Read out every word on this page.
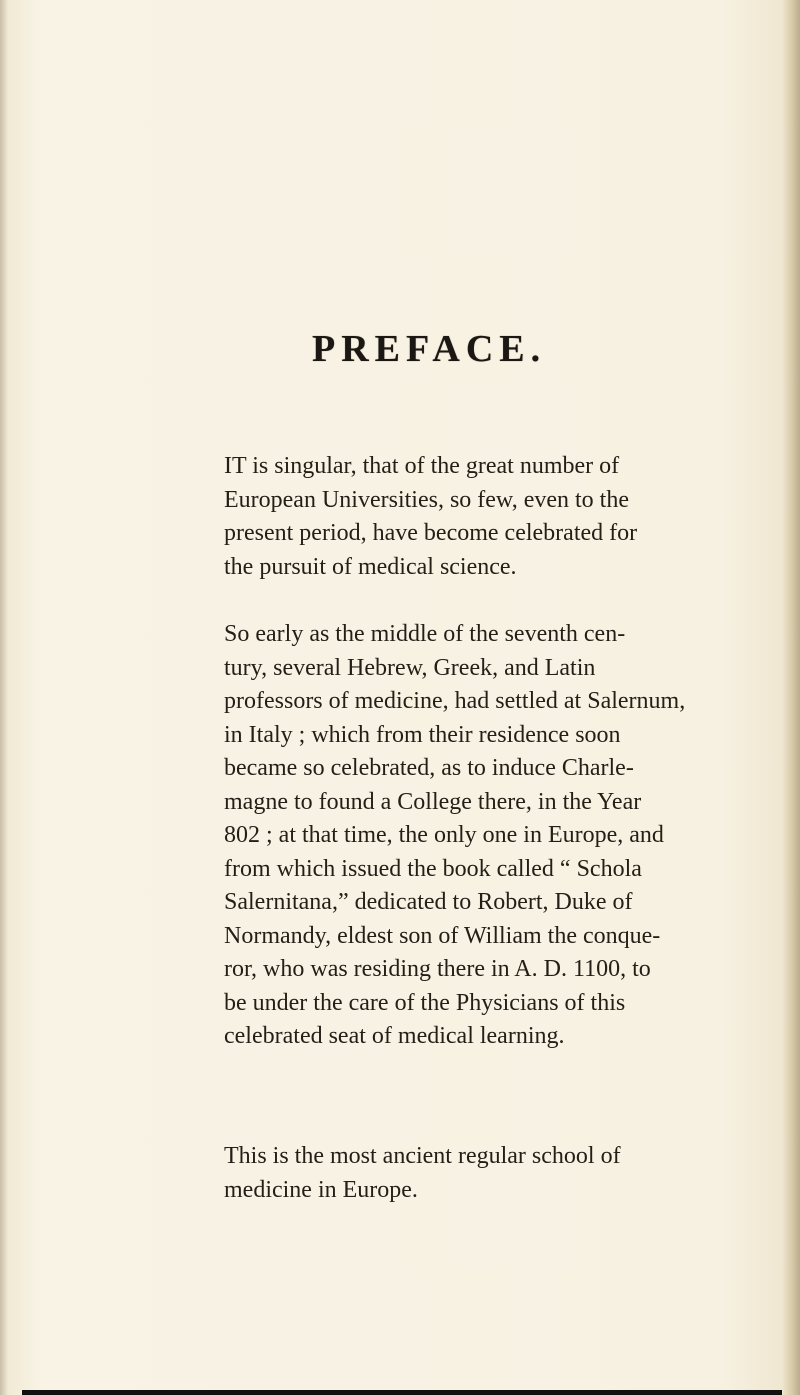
PREFACE.

IT is singular, that of the great number of
European Universities, so few, even to the
present period, have become celebrated for
the pursuit of medical science.

So early as the middle of the seventh cen-
tury, several Hebrew, Greek, and Latin
professors of medicine, had settled at Salernum,
in Italy ; which from their residence soon
became so celebrated, as to induce Charle-
magne to found a College there, in the Year
802 ; at that time, the only one in Europe, and
from which issued the book called “ Schola
Salernitana,” dedicated to Robert, Duke of
Normandy, eldest son of William the conque-
ror, who was residing there in A. D. 1100, to
be under the care of the Physicians of this
celebrated seat of medical learning.

This is the most ancient regular school of
medicine in Europe.
